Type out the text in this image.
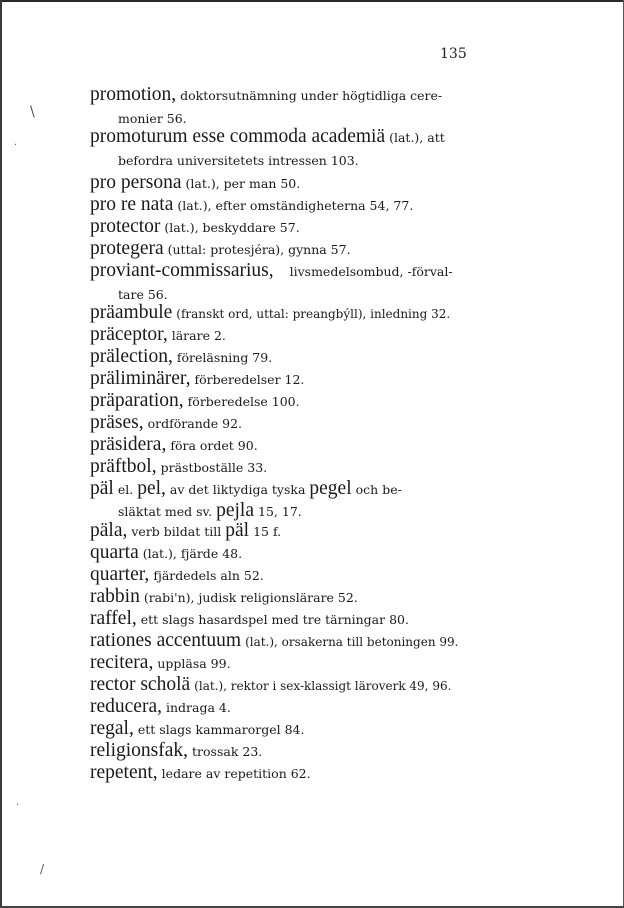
135
\
·
·
/
promotion, doktorsutnämning under högtidliga cere-
monier 56.
promoturum esse commoda academiä (lat.), att
befordra universitetets intressen 103.
pro persona (lat.), per man 50.
pro re nata (lat.), efter omständigheterna 54, 77.
protector (lat.), beskyddare 57.
protegera (uttal: protesjéra), gynna 57.
proviant-commissarius, livsmedelsombud, -förval-
tare 56.
präambule (franskt ord, uttal: preangbýll), inledning 32.
präceptor, lärare 2.
prälection, föreläsning 79.
präliminärer, förberedelser 12.
präparation, förberedelse 100.
präses, ordförande 92.
präsidera, föra ordet 90.
präftbol, prästboställe 33.
päl el. pel, av det liktydiga tyska pegel och be-
släktat med sv. pejla 15, 17.
päla, verb bildat till päl 15 f.
quarta (lat.), fjärde 48.
quarter, fjärdedels aln 52.
rabbin (rabi'n), judisk religionslärare 52.
raffel, ett slags hasardspel med tre tärningar 80.
rationes accentuum (lat.), orsakerna till betoningen 99.
recitera, uppläsa 99.
rector scholä (lat.), rektor i sex-klassigt läroverk 49, 96.
reducera, indraga 4.
regal, ett slags kammarorgel 84.
religionsfak, trossak 23.
repetent, ledare av repetition 62.
